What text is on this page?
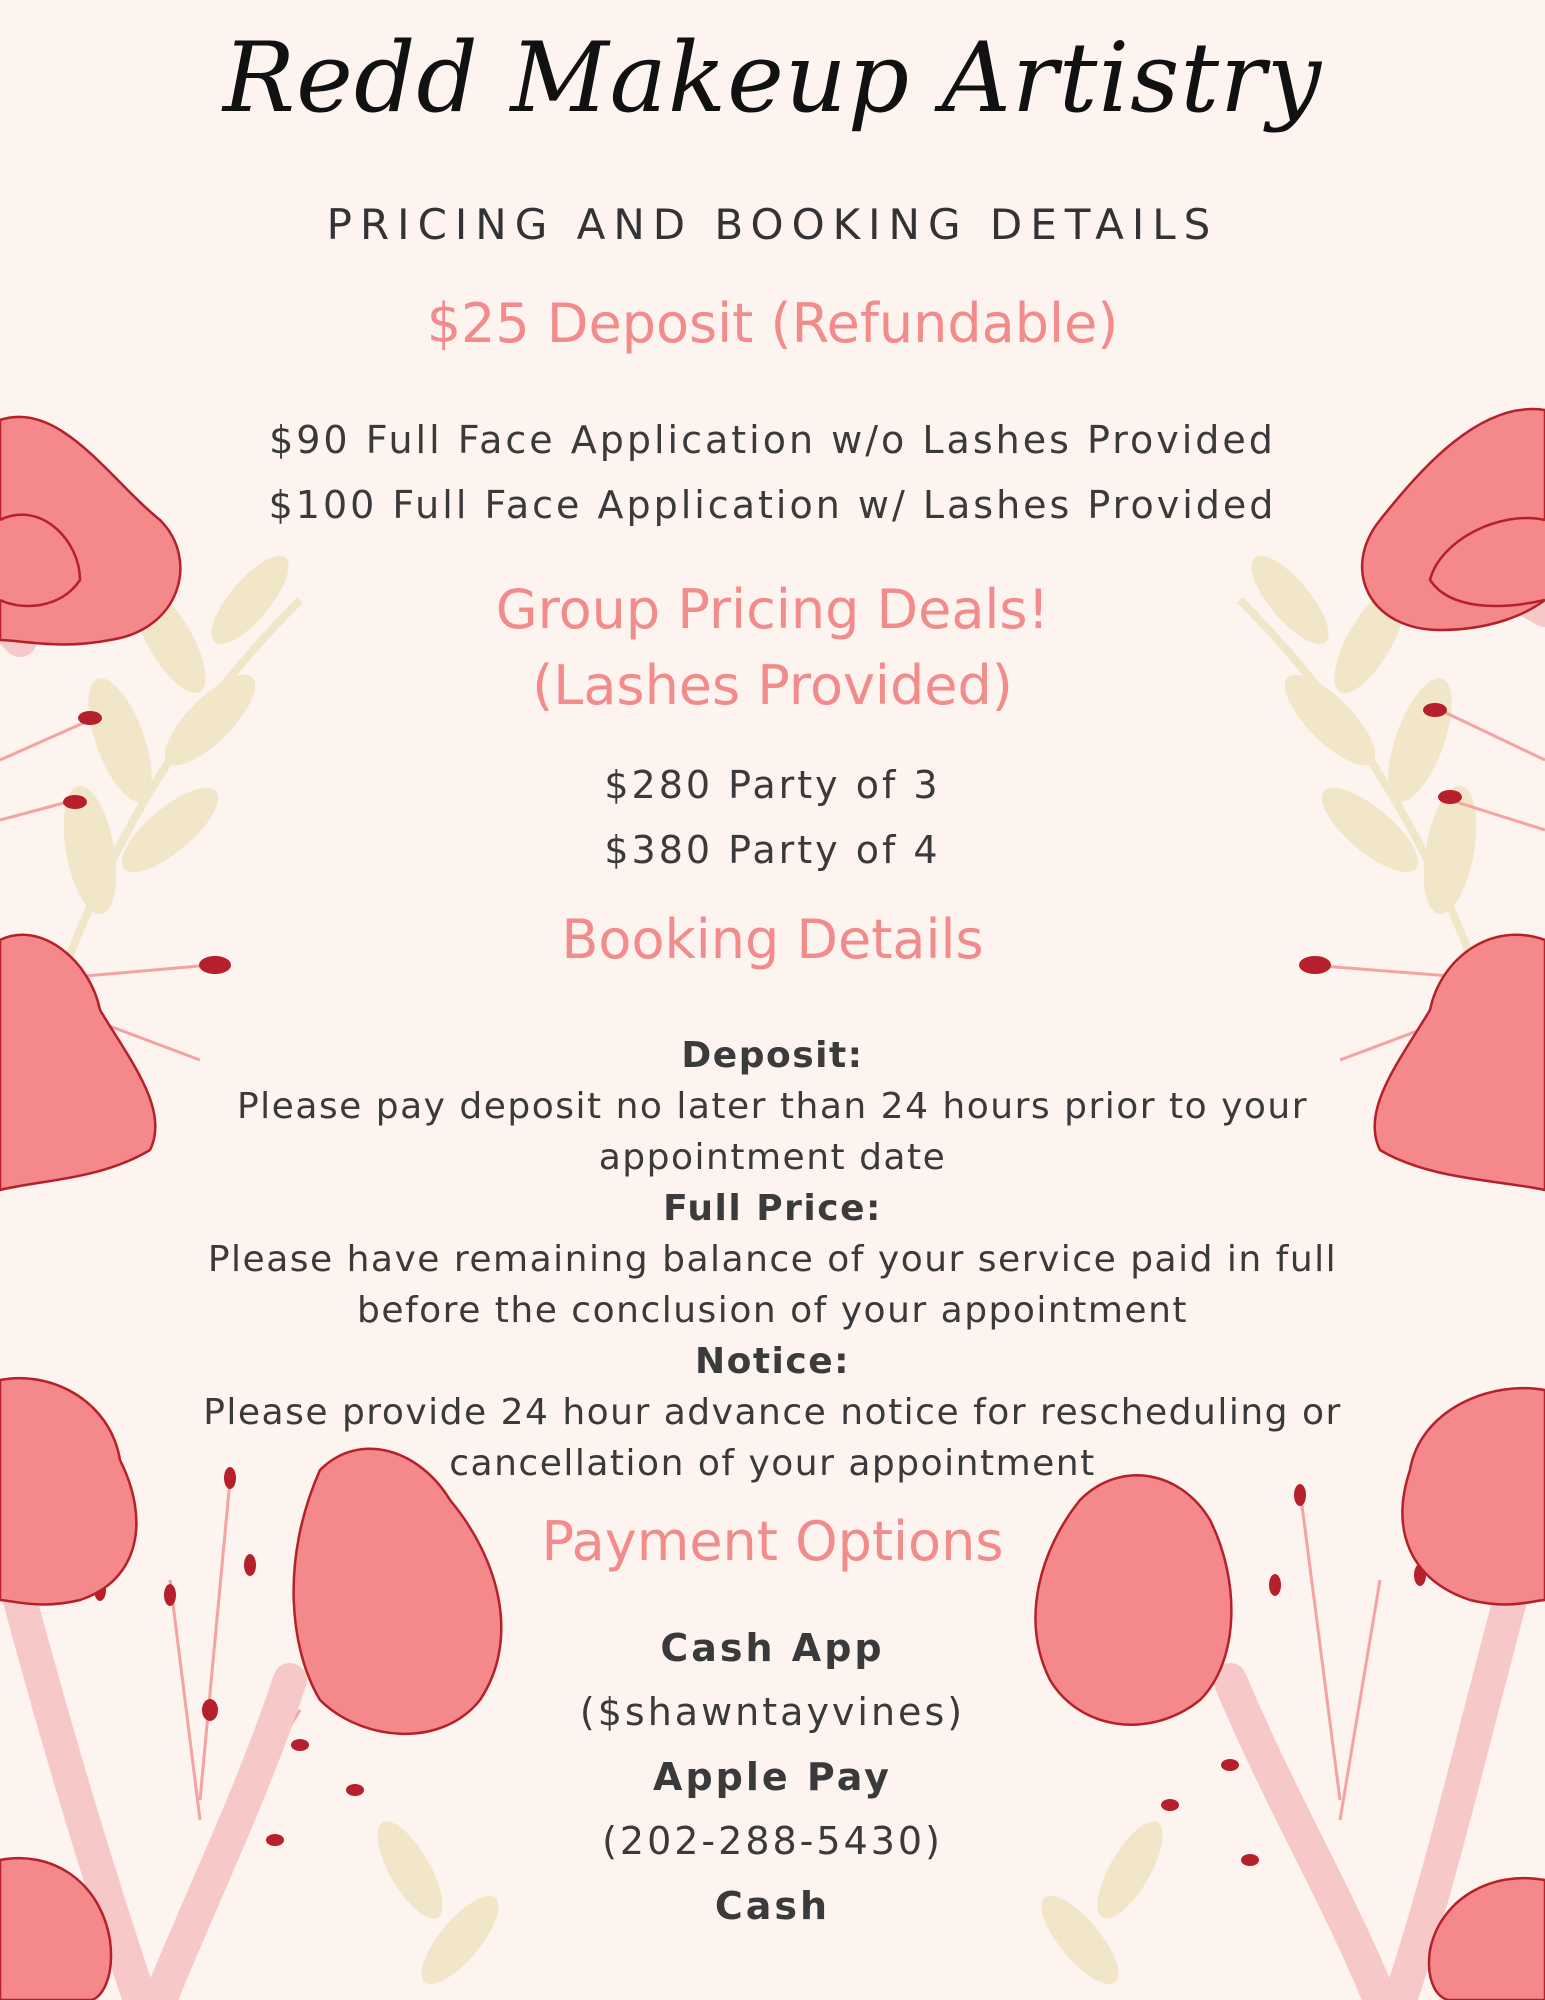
Redd Makeup Artistry
PRICING AND BOOKING DETAILS
$25 Deposit (Refundable)
$90 Full Face Application w/o Lashes Provided
$100 Full Face Application w/ Lashes Provided
Group Pricing Deals!
(Lashes Provided)
$280 Party of 3
$380 Party of 4
Booking Details
Deposit:
Please pay deposit no later than 24 hours prior to your appointment date
Full Price:
Please have remaining balance of your service paid in full before the conclusion of your appointment
Notice:
Please provide 24 hour advance notice for rescheduling or cancellation of your appointment
Payment Options
Cash App
($shawntayvines)
Apple Pay
(202-288-5430)
Cash
